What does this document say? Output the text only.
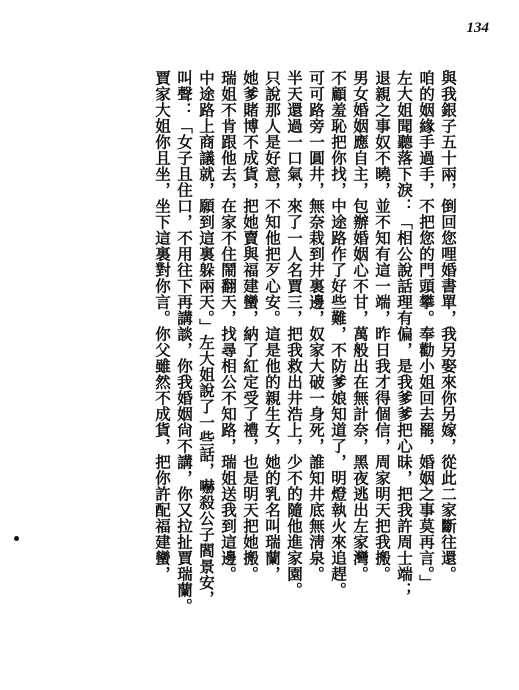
134
與我銀子五十兩，倒回您哩婚書單，我另娶來你另嫁，從此二家斷往還。
咱的姻緣手過手，不把您的門頭攀。奉勸小姐回去罷，婚姻之事莫再言。」
左大姐聞聽落下淚：「相公說話理有偏，是我爹爹把心昧，把我許周士端；
退親之事奴不曉，並不知有這一端，昨日我才得個信，周家明天把我搬。
男女婚姻應自主，包辦婚姻心不甘，萬般出在無計奈，黑夜逃出左家灣。
不顧羞恥把你找，中途路作了好些難，不防爹娘知道了，明燈執火來追趕。
可可路旁一圓井，無奈栽到井裏邊，奴家大破一身死，誰知井底無淸泉。
半天還過一口氣，來了一人名賈三，把我救出井浩上，少不的隨他進家園。
只說那人是好意，不知他把歹心安。這是他的親生女，她的乳名叫瑞蘭，
她爹賭博不成貨，把她賣與福建蠻，納了紅定受了禮，也是明天把她搬。
瑞姐不肯跟他去，在家不住鬧翻天，找尋相公不知路，瑞姐送我到這邊。
中途路上商議就，願到這裏躲兩天。」左大姐說了一些話，嚇殺公子閻景安，
叫聲：「女子且住口，不用往下再講談，你我婚姻尙不講，你又拉扯賈瑞蘭。
賈家大姐你且坐，坐下這裏對你言。你父雖然不成貨，把你許配福建蠻，
